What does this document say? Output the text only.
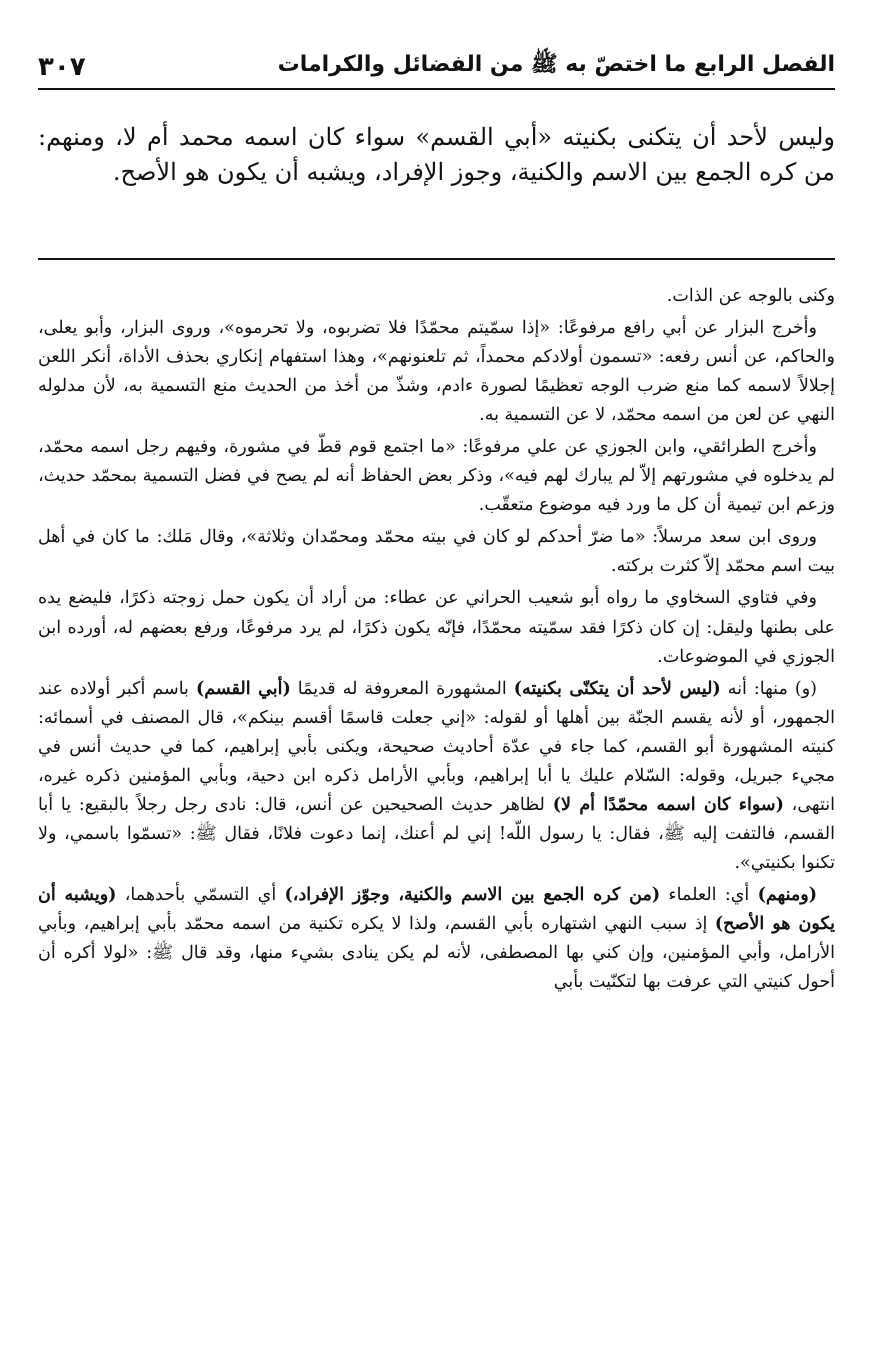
الفصل الرابع ما اختصّ به ﷺ من الفضائل والكرامات
٣٠٧

وليس لأحد أن يتكنى بكنيته «أبي القسم» سواء كان اسمه محمد أم لا، ومنهم: من كره الجمع بين الاسم والكنية، وجوز الإفراد، ويشبه أن يكون هو الأصح.

وكنى بالوجه عن الذات.

وأخرج البزار عن أبي رافع مرفوعًا: «إذا سمّيتم محمّدًا فلا تضربوه، ولا تحرموه»، وروى البزار، وأبو يعلى، والحاكم، عن أنس رفعه: «تسمون أولادكم محمداً، ثم تلعنونهم»، وهذا استفهام إنكاري بحذف الأداة، أنكر اللعن إجلالاً لاسمه كما منع ضرب الوجه تعظيمًا لصورة ءادم، وشذّ من أخذ من الحديث منع التسمية به، لأن مدلوله النهي عن لعن من اسمه محمّد، لا عن التسمية به.

وأخرج الطرائقي، وابن الجوزي عن علي مرفوعًا: «ما اجتمع قوم قطّ في مشورة، وفيهم رجل اسمه محمّد، لم يدخلوه في مشورتهم إلاّ لم يبارك لهم فيه»، وذكر بعض الحفاظ أنه لم يصح في فضل التسمية بمحمّد حديث، وزعم ابن تيمية أن كل ما ورد فيه موضوع متعقّب.

وروى ابن سعد مرسلاً: «ما ضرّ أحدكم لو كان في بيته محمّد ومحمّدان وثلاثة»، وقال مَلك: ما كان في أهل بيت اسم محمّد إلاّ كثرت بركته.

وفي فتاوي السخاوي ما رواه أبو شعيب الحراني عن عطاء: من أراد أن يكون حمل زوجته ذكرًا، فليضع يده على بطنها وليقل: إن كان ذكرًا فقد سمّيته محمّدًا، فإنّه يكون ذكرًا، لم يرد مرفوعًا، ورفع بعضهم له، أورده ابن الجوزي في الموضوعات.

(و) منها: أنه (ليس لأحد أن يتكنّى بكنيته) المشهورة المعروفة له قديمًا (أبي القسم) باسم أكبر أولاده عند الجمهور، أو لأنه يقسم الجنّة بين أهلها أو لقوله: «إني جعلت قاسمًا أقسم بينكم»، قال المصنف في أسمائه: كنيته المشهورة أبو القسم، كما جاء في عدّة أحاديث صحيحة، ويكنى بأبي إبراهيم، كما في حديث أنس في مجيء جبريل، وقوله: السّلام عليك يا أبا إبراهيم، وبأبي الأرامل ذكره ابن دحية، وبأبي المؤمنين ذكره غيره، انتهى، (سواء كان اسمه محمّدًا أم لا) لظاهر حديث الصحيحين عن أنس، قال: نادى رجل رجلاً بالبقيع: يا أبا القسم، فالتفت إليه ﷺ، فقال: يا رسول اللّه! إني لم أعنك، إنما دعوت فلانًا، فقال ﷺ: «تسمّوا باسمي، ولا تكنوا بكنيتي».

(ومنهم) أي: العلماء (من كره الجمع بين الاسم والكنية، وجوّز الإفراد،) أي التسمّي بأحدهما، (ويشبه أن يكون هو الأصح) إذ سبب النهي اشتهاره بأبي القسم، ولذا لا يكره تكنية من اسمه محمّد بأبي إبراهيم، وبأبي الأرامل، وأبي المؤمنين، وإن كني بها المصطفى، لأنه لم يكن ينادى بشيء منها، وقد قال ﷺ: «لولا أكره أن أحول كنيتي التي عرفت بها لتكنّيت بأبي
